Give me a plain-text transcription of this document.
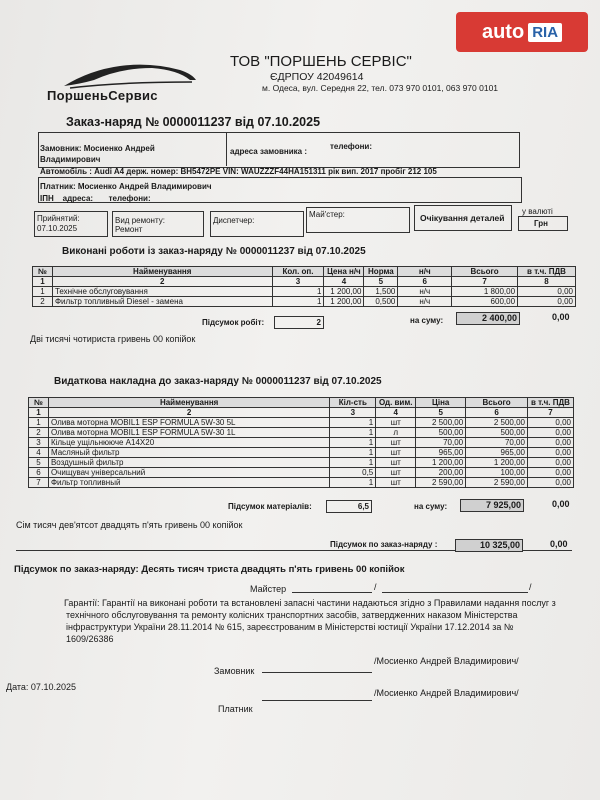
auto RIA
ПоршеньСервис
ТОВ "ПОРШЕНЬ СЕРВІС"
ЄДРПОУ 42049614
м. Одеса, вул. Середня 22, тел. 073 970 0101, 063 970 0101
Заказ-наряд № 0000011237 від 07.10.2025
Замовник: Мосиенко Андрей
Владимирович
адреса замовника :
телефони:
Автомобіль : Audi A4 держ. номер: BH5472PE VIN: WAUZZZF44HA151311 рік вип. 2017 пробіг 212 105
Платник: Мосиенко Андрей Владимирович
ІПН адреса: телефони:
Прийнятий:
07.10.2025
Вид ремонту:
Ремонт
Диспетчер:
Май'стер:	Очікування деталей
у валюті
Грн
Виконані роботи із заказ-наряду № 0000011237 від 07.10.2025
№	Найменування	Кол. оп.	Цена н/ч	Норма	н/ч	Всього	в т.ч. ПДВ
1	2	3	4	5	6	7	8
1	Технічне обслуговування	1	1 200,00	1,500	н/ч	1 800,00	0,00
2	Фильтр топливный Diesel - замена	1	1 200,00	0,500	н/ч	600,00	0,00
Підсумок робіт:	2	на суму:	2 400,00	0,00
Дві тисячі чотириста гривень 00 копійок
Видаткова накладна до заказ-наряду № 0000011237 від 07.10.2025
№	Найменування	Кіл-сть	Од. вим.	Ціна	Всього	в т.ч. ПДВ
1	2	3	4	5	6	7
1	Олива моторна MOBIL1 ESP FORMULA 5W-30 5L	1	шт	2 500,00	2 500,00	0,00
2	Олива моторна MOBIL1 ESP FORMULA 5W-30 1L	1	л	500,00	500,00	0,00
3	Кільце ущільнююче A14X20	1	шт	70,00	70,00	0,00
4	Масляный фильтр	1	шт	965,00	965,00	0,00
5	Воздушный фильтр	1	шт	1 200,00	1 200,00	0,00
6	Очищувач універсальний	0,5	шт	200,00	100,00	0,00
7	Фильтр топливный	1	шт	2 590,00	2 590,00	0,00
Підсумок матеріалів:	6,5	на суму:	7 925,00	0,00
Сім тисяч дев'ятсот двадцять п'ять гривень 00 копійок
Підсумок по заказ-наряду :	10 325,00	0,00
Підсумок по заказ-наряду: Десять тисяч триста двадцять п'ять гривень 00 копійок
Майстер	/	/
Гарантії: Гарантії на виконані роботи та встановлені запасні частини надаються згідно з Правилами надання послуг з
технічного обслуговування та ремонту колісних транспортних засобів, затвердженних наказом Міністерства
інфраструктури України 28.11.2014 № 615, зареєстрованим в Міністерстві юстиції України 17.12.2014 за №
1609/26386
Замовник
/Мосиенко Андрей Владимирович/
Дата: 07.10.2025
/Мосиенко Андрей Владимирович/
Платник
